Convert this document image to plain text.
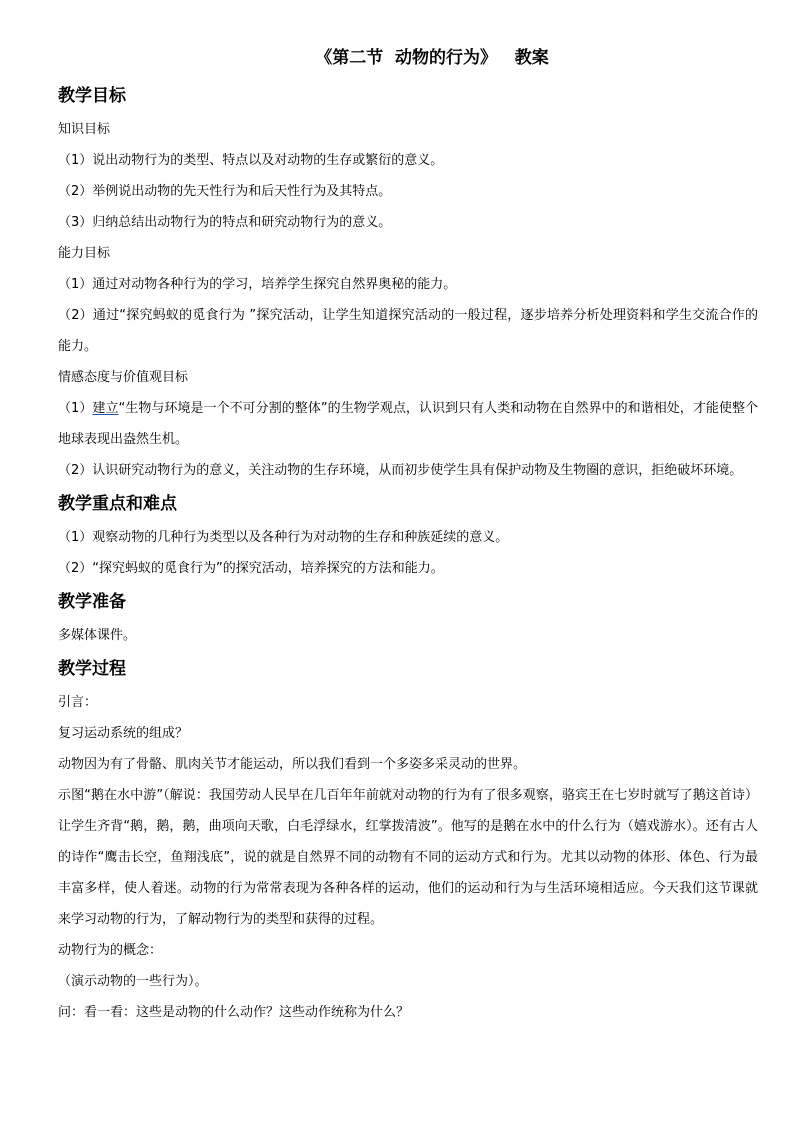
《第二节  动物的行为》   教案
教学目标

知识目标

（1）说出动物行为的类型、特点以及对动物的生存或繁衍的意义。

（2）举例说出动物的先天性行为和后天性行为及其特点。

（3）归纳总结出动物行为的特点和研究动物行为的意义。

能力目标

（1）通过对动物各种行为的学习，培养学生探究自然界奥秘的能力。

（2）通过“探究蚂蚁的觅食行为 ”探究活动，让学生知道探究活动的一般过程，逐步培养分析处理资料和学生交流合作的能力。

情感态度与价值观目标

（1）建立“生物与环境是一个不可分割的整体”的生物学观点，认识到只有人类和动物在自然界中的和谐相处，才能使整个地球表现出盎然生机。

（2）认识研究动物行为的意义，关注动物的生存环境，从而初步使学生具有保护动物及生物圈的意识，拒绝破坏环境。

教学重点和难点

（1）观察动物的几种行为类型以及各种行为对动物的生存和种族延续的意义。

（2）“探究蚂蚁的觅食行为”的探究活动，培养探究的方法和能力。

教学准备

多媒体课件。

教学过程

引言：

复习运动系统的组成？

动物因为有了骨骼、肌肉关节才能运动，所以我们看到一个多姿多采灵动的世界。

示图“鹅在水中游”（解说：我国劳动人民早在几百年年前就对动物的行为有了很多观察，骆宾王在七岁时就写了鹅这首诗）让学生齐背“鹅，鹅，鹅，曲项向天歌，白毛浮绿水，红掌拨清波”。他写的是鹅在水中的什么行为（嬉戏游水）。还有古人的诗作“鹰击长空，鱼翔浅底”，说的就是自然界不同的动物有不同的运动方式和行为。尤其以动物的体形、体色、行为最丰富多样，使人着迷。动物的行为常常表现为各种各样的运动，他们的运动和行为与生活环境相适应。今天我们这节课就来学习动物的行为，了解动物行为的类型和获得的过程。

动物行为的概念：

（演示动物的一些行为）。

问：看一看：这些是动物的什么动作？这些动作统称为什么？
